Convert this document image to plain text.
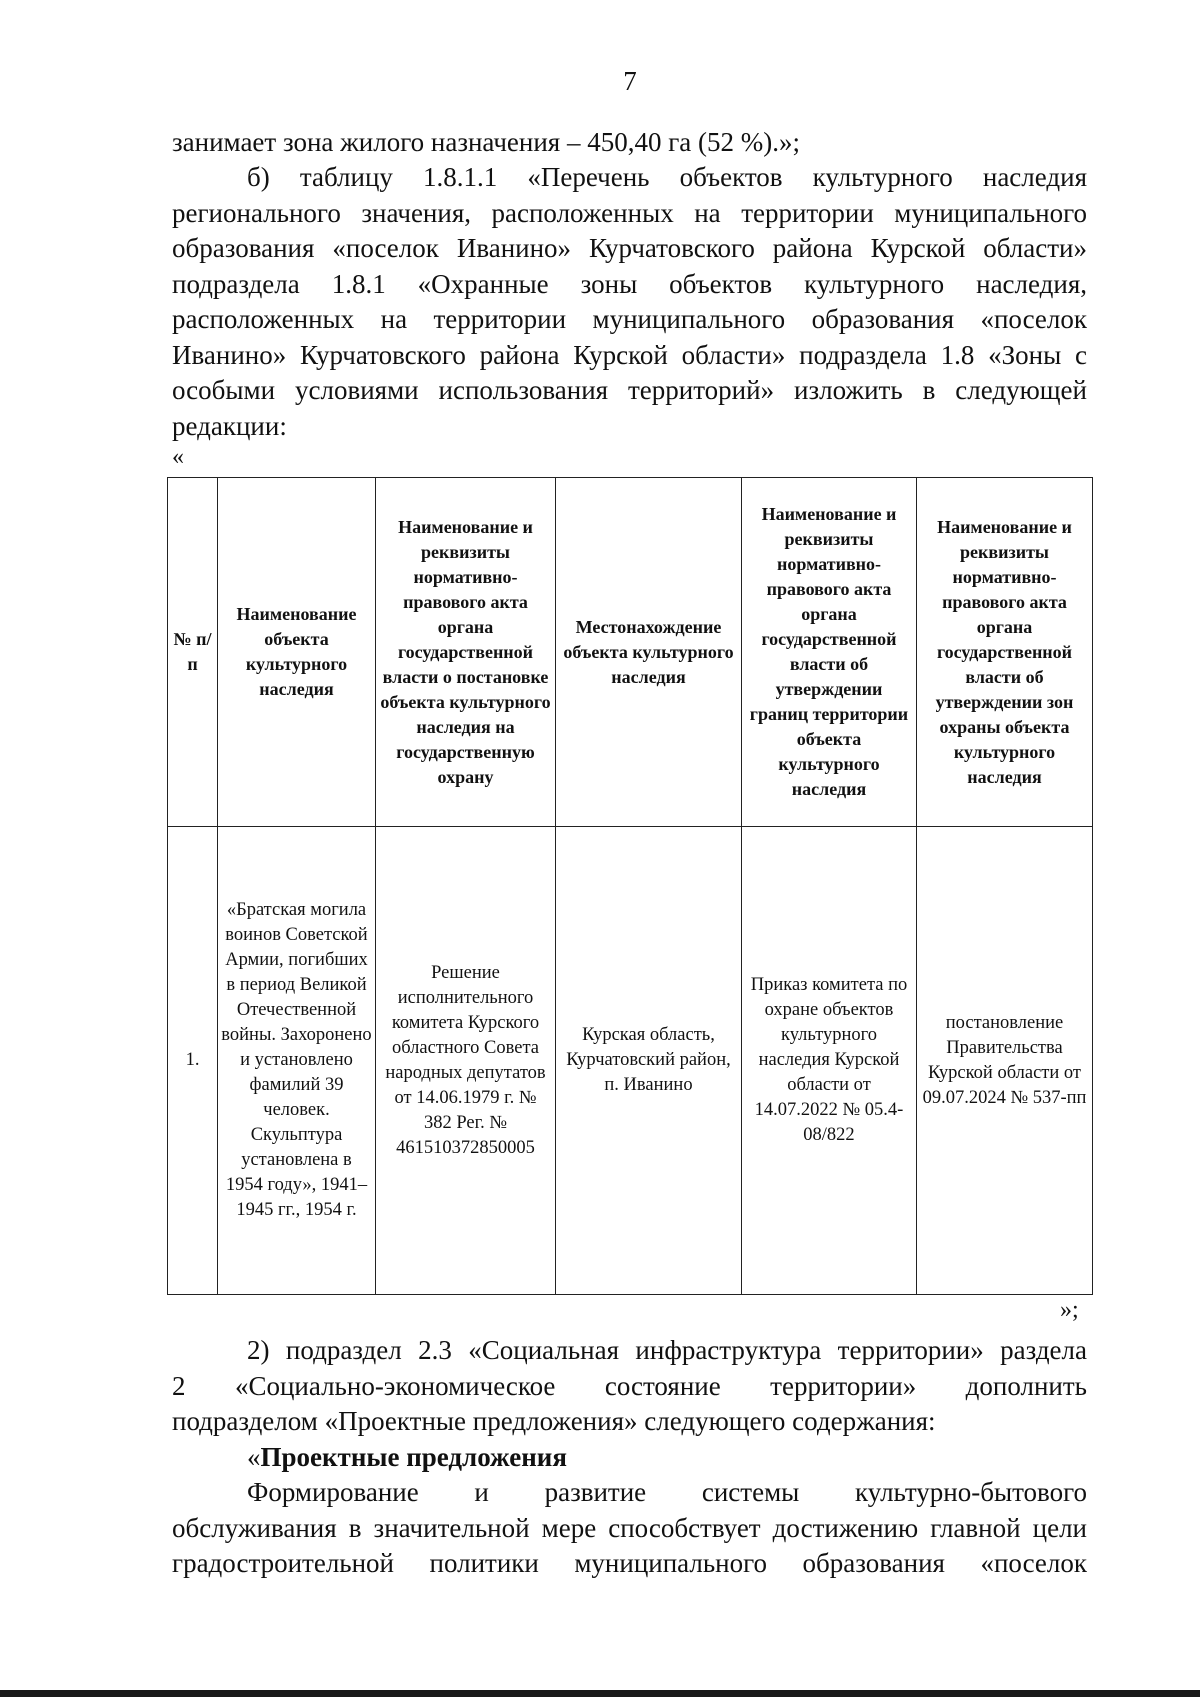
7
занимает зона жилого назначения – 450,40 га (52 %).»;
б) таблицу 1.8.1.1 «Перечень объектов культурного наследия
регионального значения, расположенных на территории муниципального
образования «поселок Иванино» Курчатовского района Курской области»
подраздела 1.8.1 «Охранные зоны объектов культурного наследия,
расположенных на территории муниципального образования «поселок
Иванино» Курчатовского района Курской области» подраздела 1.8 «Зоны с
особыми условиями использования территорий» изложить в следующей
редакции:
«
№ п/п	Наименование объекта культурного наследия	Наименование и реквизиты нормативно-правового акта органа государственной власти о постановке объекта культурного наследия на государственную охрану	Местонахождение объекта культурного наследия	Наименование и реквизиты нормативно-правового акта органа государственной власти об утверждении границ территории объекта культурного наследия	Наименование и реквизиты нормативно-правового акта органа государственной власти об утверждении зон охраны объекта культурного наследия
1.	«Братская могила воинов Советской Армии, погибших в период Великой Отечественной войны. Захоронено и установлено фамилий 39 человек. Скульптура установлена в 1954 году», 1941–1945 гг., 1954 г.	Решение исполнительного комитета Курского областного Совета народных депутатов от 14.06.1979 г. № 382 Рег. № 461510372850005	Курская область, Курчатовский район, п. Иванино	Приказ комитета по охране объектов культурного наследия Курской области от 14.07.2022 № 05.4-08/822	постановление Правительства Курской области от 09.07.2024 № 537-пп
»;
2) подраздел 2.3 «Социальная инфраструктура территории» раздела
2 «Социально-экономическое состояние территории» дополнить
подразделом «Проектные предложения» следующего содержания:
«Проектные предложения
Формирование и развитие системы культурно-бытового
обслуживания в значительной мере способствует достижению главной цели
градостроительной политики муниципального образования «поселок
